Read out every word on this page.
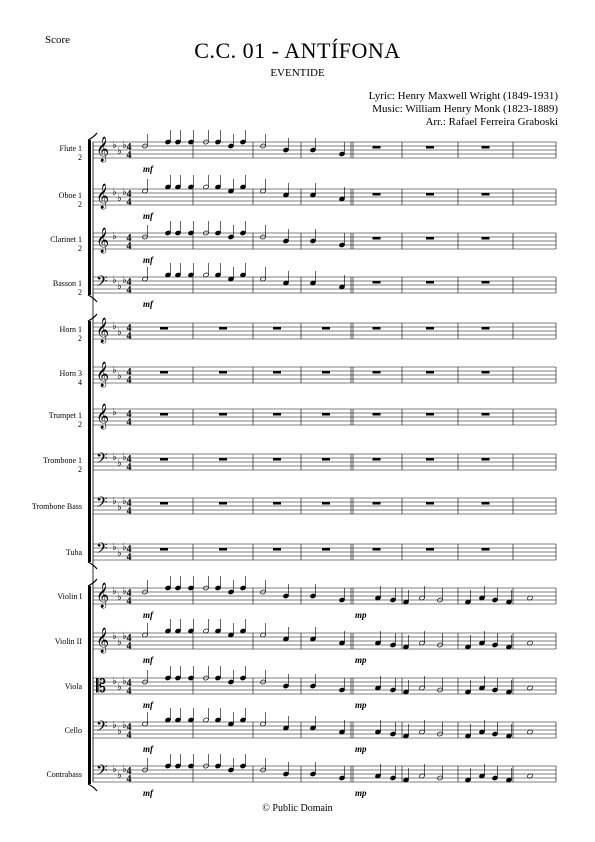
Score	C.C. 01 - ANTÍFONA
EVENTIDE
Lyric: Henry Maxwell Wright (1849-1931)
Music: William Henry Monk (1823-1889)
Arr.: Rafael Ferreira Graboski
Flute 1
2
Oboe 1
2
Clarinet 1
2
Basson 1
2
Horn 1
2
Horn 3
4
Trumpet 1
2
Trombone 1
2
Trombone Bass
Tuba
Violin I
Violin II
Viola
Cello
Contrabass
𝄞 ♭
♭
♭ 4
4
mf
𝄞 ♭
♭
♭ 4
4
mf
𝄞 ♭ 4
4
mf
𝄢 ♭
♭
♭ 4
4
mf
𝄞 ♭
♭ 4
4
𝄞 ♭
♭ 4
4
𝄞 ♭ 4
4
𝄢 ♭
♭
♭ 4
4
𝄢 ♭
♭
♭ 4
4
𝄢 ♭
♭
♭ 4
4
𝄞 ♭
♭
♭ 4
4
mf	mp
𝄞 ♭
♭
♭ 4
4
mf	mp
𝄡 ♭
♭
♭ 4
4
mf	mp
𝄢 ♭
♭
♭ 4
4
mf	mp
𝄢 ♭
♭
♭ 4
4
mf	mp
© Public Domain
